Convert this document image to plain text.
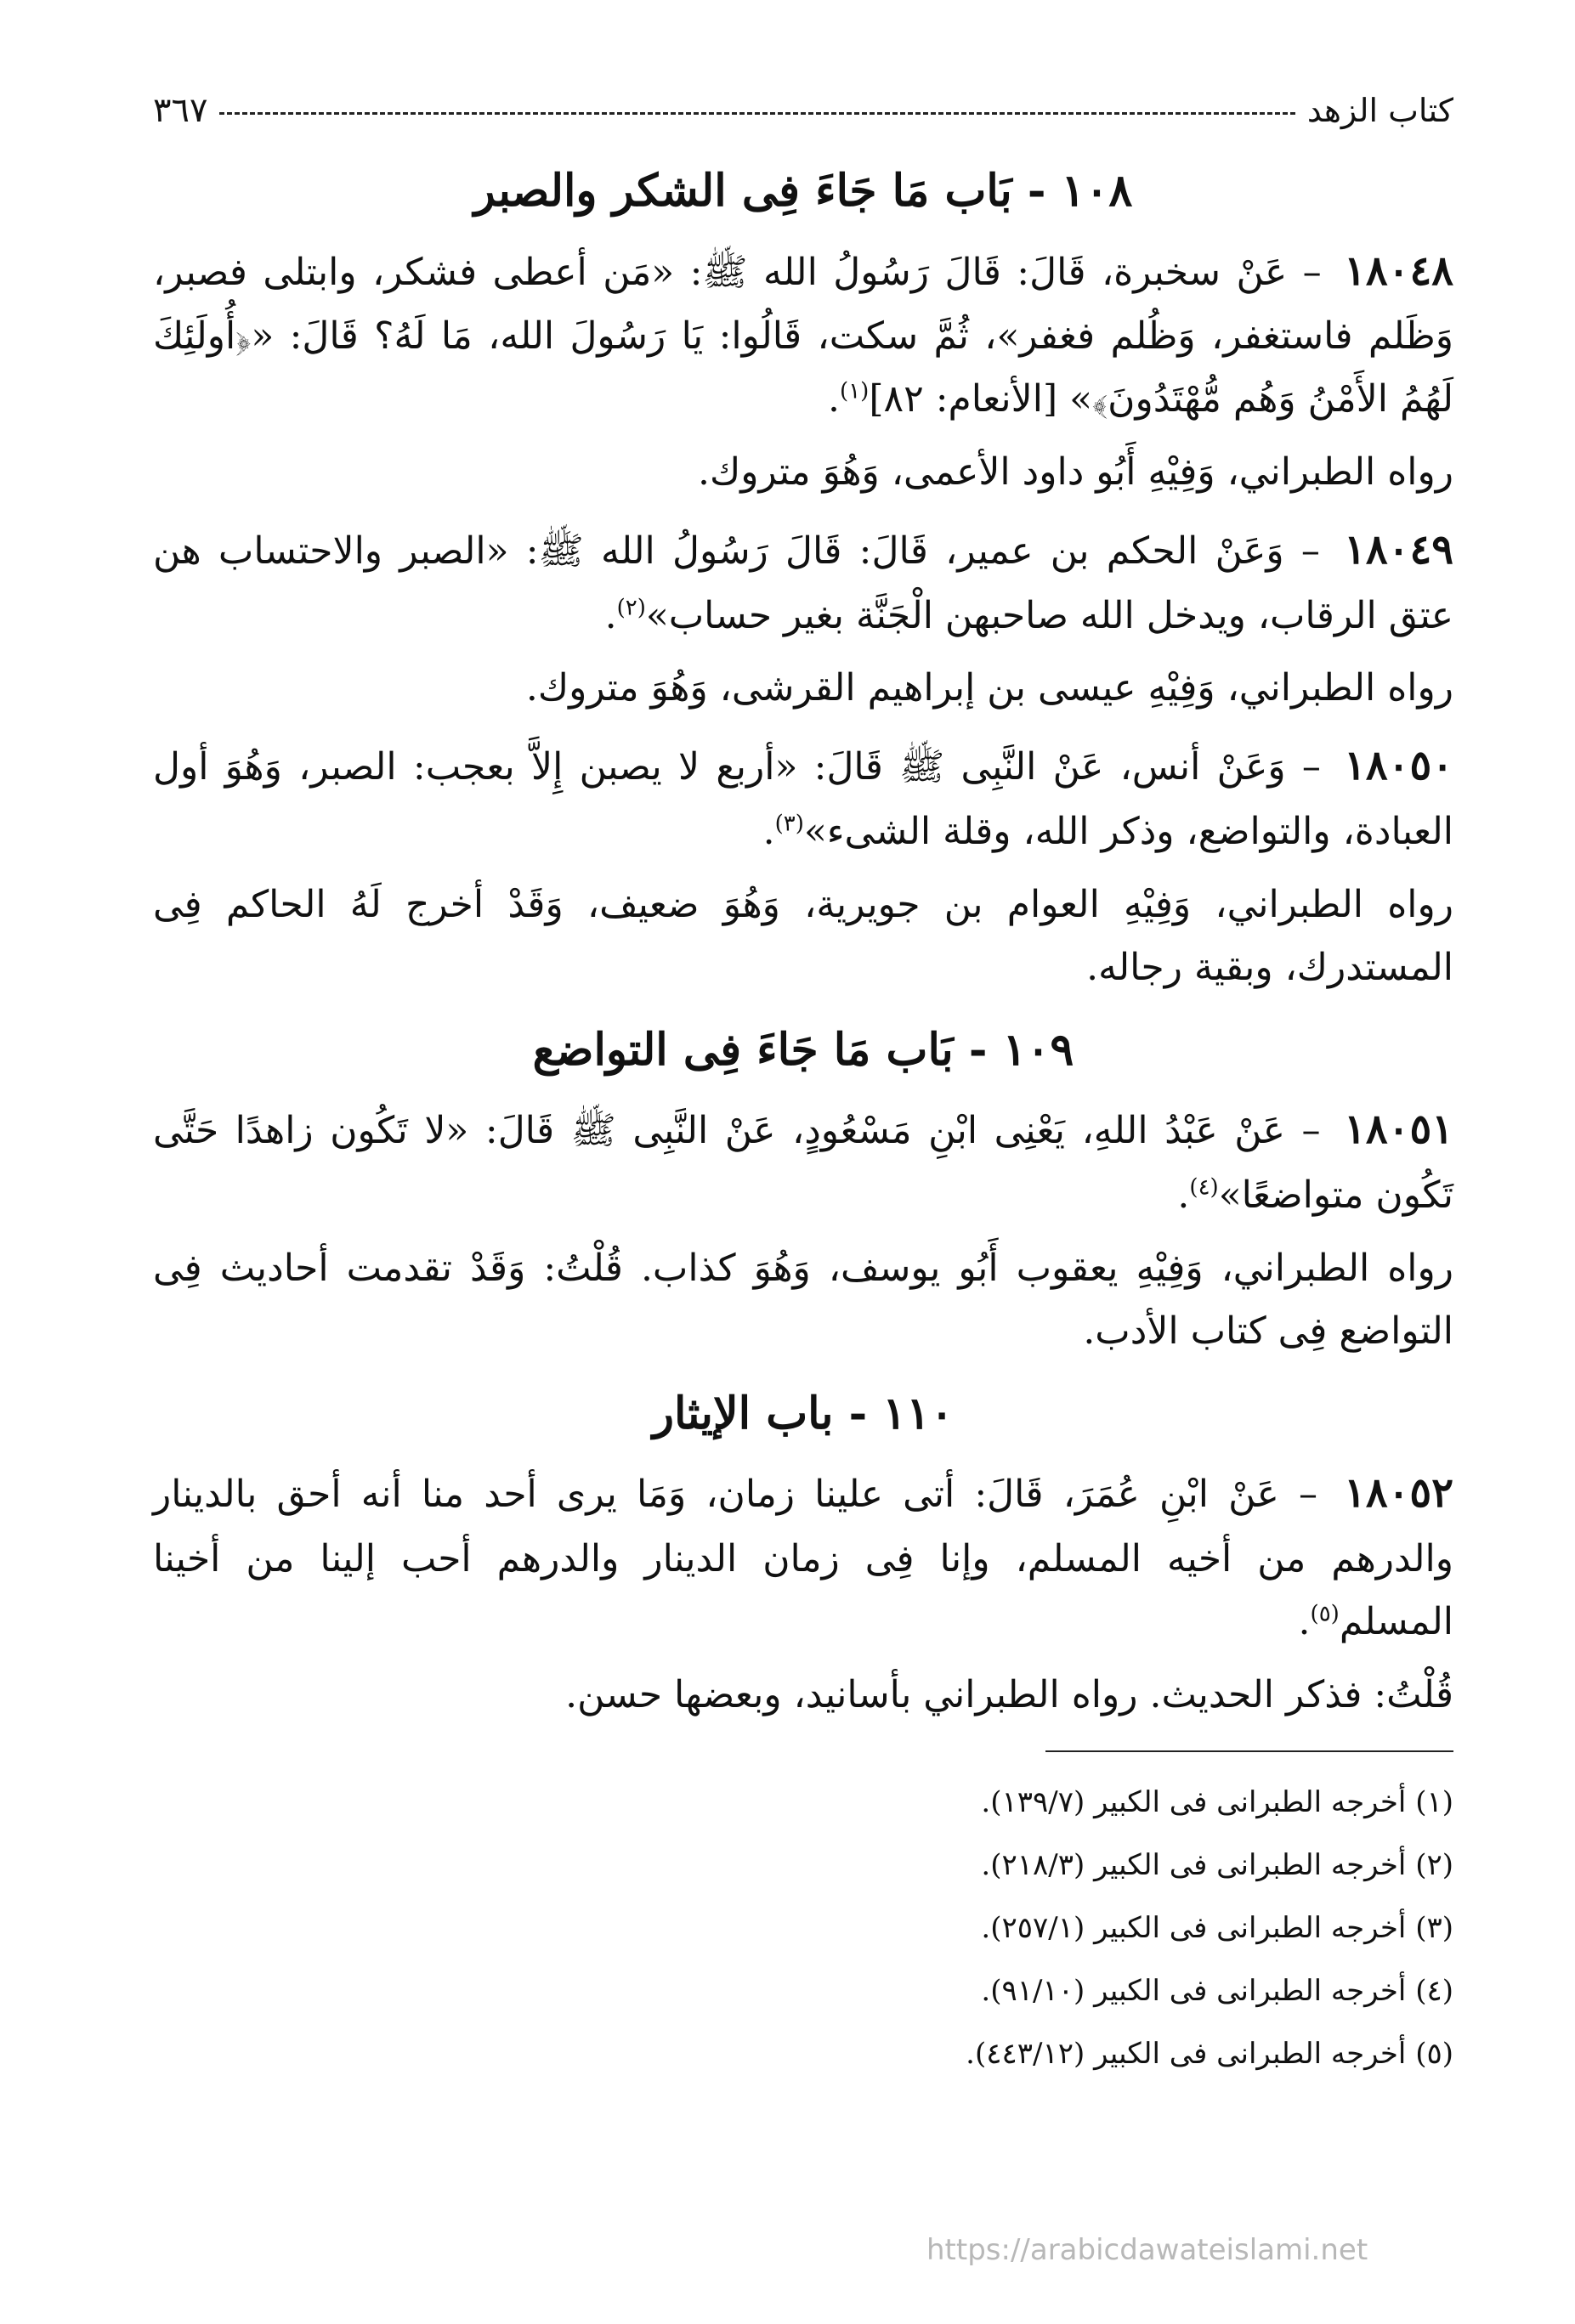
كتاب الزهد
٣٦٧
١٠٨ - بَاب مَا جَاءَ فِى الشكر والصبر

١٨٠٤٨ – عَنْ سخبرة، قَالَ: قَالَ رَسُولُ الله ﷺ: «مَن أعطى فشكر، وابتلى فصبر، وَظَلم فاستغفر، وَظُلم فغفر»، ثُمَّ سكت، قَالُوا: يَا رَسُولَ الله، مَا لَهُ؟ قَالَ: «﴿أُولَئِكَ لَهُمُ الأَمْنُ وَهُم مُّهْتَدُونَ﴾» [الأنعام: ٨٢]$^{(١)}$.

رواه الطبراني، وَفِيْهِ أَبُو داود الأعمى، وَهُوَ متروك.

١٨٠٤٩ – وَعَنْ الحكم بن عمير، قَالَ: قَالَ رَسُولُ الله ﷺ: «الصبر والاحتساب هن عتق الرقاب، ويدخل الله صاحبهن الْجَنَّة بغير حساب»$^{(٢)}$.

رواه الطبراني، وَفِيْهِ عيسى بن إبراهيم القرشى، وَهُوَ متروك.

١٨٠٥٠ – وَعَنْ أنس، عَنْ النَّبِى ﷺ قَالَ: «أربع لا يصبن إِلاَّ بعجب: الصبر، وَهُوَ أول العبادة، والتواضع، وذكر الله، وقلة الشىء»$^{(٣)}$.

رواه الطبراني، وَفِيْهِ العوام بن جويرية، وَهُوَ ضعيف، وَقَدْ أخرج لَهُ الحاكم فِى المستدرك، وبقية رجاله.

١٠٩ - بَاب مَا جَاءَ فِى التواضع

١٨٠٥١ – عَنْ عَبْدُ اللهِ، يَعْنِى ابْنِ مَسْعُودٍ، عَنْ النَّبِى ﷺ قَالَ: «لا تَكُون زاهدًا حَتَّى تَكُون متواضعًا»$^{(٤)}$.

رواه الطبراني، وَفِيْهِ يعقوب أَبُو يوسف، وَهُوَ كذاب. قُلْتُ: وَقَدْ تقدمت أحاديث فِى التواضع فِى كتاب الأدب.

١١٠ - باب الإيثار

١٨٠٥٢ – عَنْ ابْنِ عُمَرَ، قَالَ: أتى علينا زمان، وَمَا يرى أحد منا أنه أحق بالدينار والدرهم من أخيه المسلم، وإنا فِى زمان الدينار والدرهم أحب إلينا من أخينا المسلم$^{(٥)}$.

قُلْتُ: فذكر الحديث. رواه الطبراني بأسانيد، وبعضها حسن.

(١) أخرجه الطبرانى فى الكبير (١٣٩/٧).
(٢) أخرجه الطبرانى فى الكبير (٢١٨/٣).
(٣) أخرجه الطبرانى فى الكبير (٢٥٧/١).
(٤) أخرجه الطبرانى فى الكبير (٩١/١٠).
(٥) أخرجه الطبرانى فى الكبير (٤٤٣/١٢).
https://arabicdawateislami.net
